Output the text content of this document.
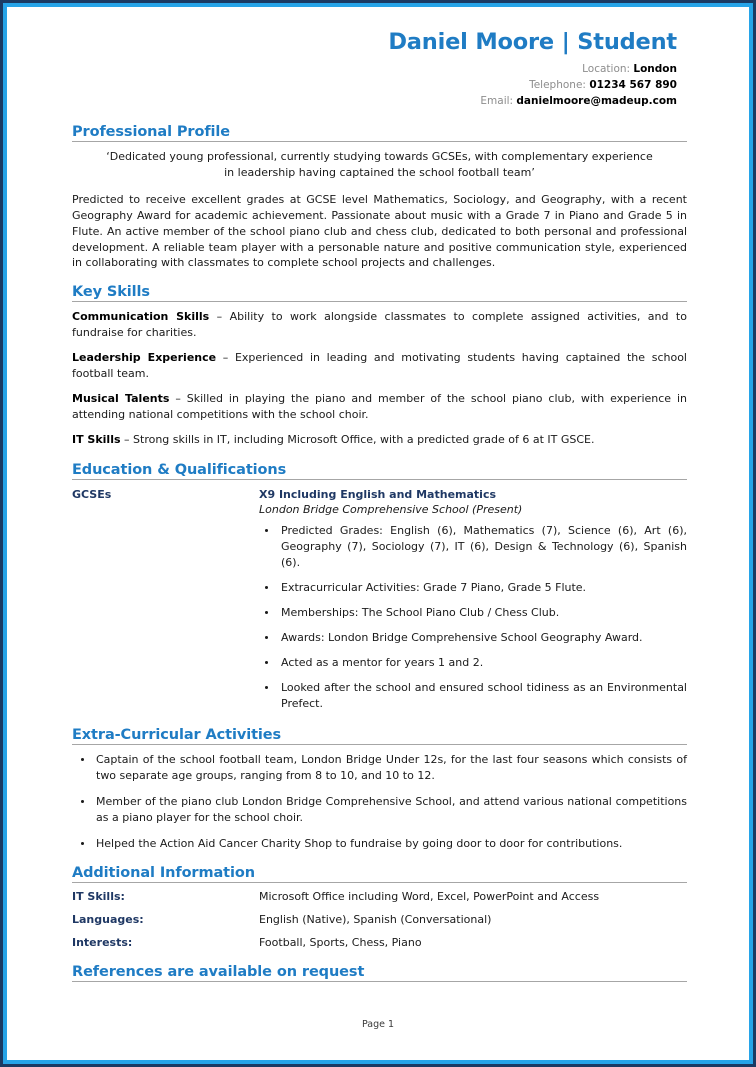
Daniel Moore | Student
Location: London
Telephone: 01234 567 890
Email: danielmoore@madeup.com
Professional Profile
‘Dedicated young professional, currently studying towards GCSEs, with complementary experience in leadership having captained the school football team’
Predicted to receive excellent grades at GCSE level Mathematics, Sociology, and Geography, with a recent Geography Award for academic achievement. Passionate about music with a Grade 7 in Piano and Grade 5 in Flute. An active member of the school piano club and chess club, dedicated to both personal and professional development. A reliable team player with a personable nature and positive communication style, experienced in collaborating with classmates to complete school projects and challenges.
Key Skills
Communication Skills – Ability to work alongside classmates to complete assigned activities, and to fundraise for charities.
Leadership Experience – Experienced in leading and motivating students having captained the school football team.
Musical Talents – Skilled in playing the piano and member of the school piano club, with experience in attending national competitions with the school choir.
IT Skills – Strong skills in IT, including Microsoft Office, with a predicted grade of 6 at IT GSCE.
Education & Qualifications
GCSEs	X9 Including English and Mathematics
London Bridge Comprehensive School (Present)
Predicted Grades: English (6), Mathematics (7), Science (6), Art (6), Geography (7), Sociology (7), IT (6), Design & Technology (6), Spanish (6).
Extracurricular Activities: Grade 7 Piano, Grade 5 Flute.
Memberships: The School Piano Club / Chess Club.
Awards: London Bridge Comprehensive School Geography Award.
Acted as a mentor for years 1 and 2.
Looked after the school and ensured school tidiness as an Environmental Prefect.
Extra-Curricular Activities
Captain of the school football team, London Bridge Under 12s, for the last four seasons which consists of two separate age groups, ranging from 8 to 10, and 10 to 12.
Member of the piano club London Bridge Comprehensive School, and attend various national competitions as a piano player for the school choir.
Helped the Action Aid Cancer Charity Shop to fundraise by going door to door for contributions.
Additional Information
IT Skills:	Microsoft Office including Word, Excel, PowerPoint and Access
Languages:	English (Native), Spanish (Conversational)
Interests:	Football, Sports, Chess, Piano
References are available on request
Page 1
